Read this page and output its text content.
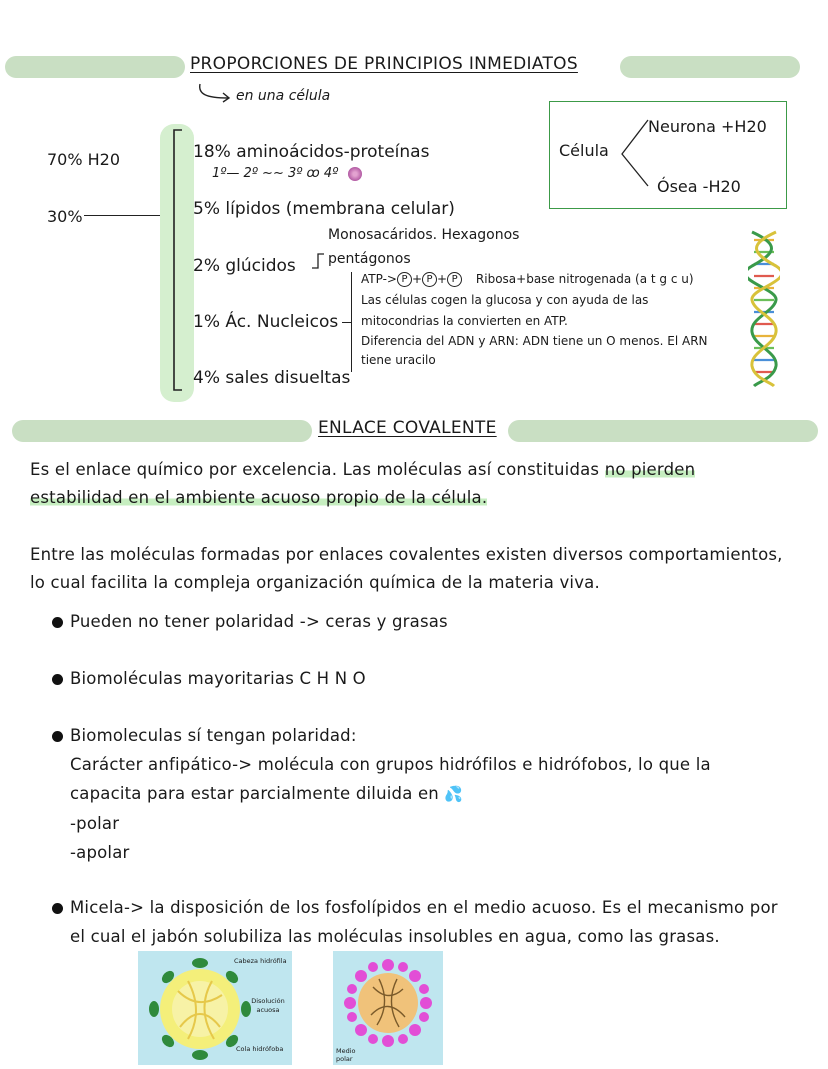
PROPORCIONES DE PRINCIPIOS INMEDIATOS
en una célula
70% H20
30%
18% aminoácidos-proteínas
1º— 2º ~~ 3º ꝏ 4º
5% lípidos (membrana celular)
Monosacáridos. Hexagonos
2% glúcidos pentágonos
1% Ác. Nucleicos
ATP-> P + P + P Ribosa+base nitrogenada (a t g c u)
Las células cogen la glucosa y con ayuda de las
mitocondrias la convierten en ATP.
Diferencia del ADN y ARN: ADN tiene un O menos. El ARN
tiene uracilo
4% sales disueltas
Célula
Neurona +H20
Ósea -H20
ENLACE COVALENTE
Es el enlace químico por excelencia. Las moléculas así constituidas no pierden
estabilidad en el ambiente acuoso propio de la célula.
Entre las moléculas formadas por enlaces covalentes existen diversos comportamientos,
lo cual facilita la compleja organización química de la materia viva.
Pueden no tener polaridad -> ceras y grasas
Biomoléculas mayoritarias C H N O
Biomoleculas sí tengan polaridad:
Carácter anfipático-> molécula con grupos hidrófilos e hidrófobos, lo que la
capacita para estar parcialmente diluida en 💦
-polar
-apolar
Micela-> la disposición de los fosfolípidos en el medio acuoso. Es el mecanismo por
el cual el jabón solubiliza las moléculas insolubles en agua, como las grasas.
Cabeza hidrófila
Disolución acuosa
Cola hidrófoba	Medio polar
